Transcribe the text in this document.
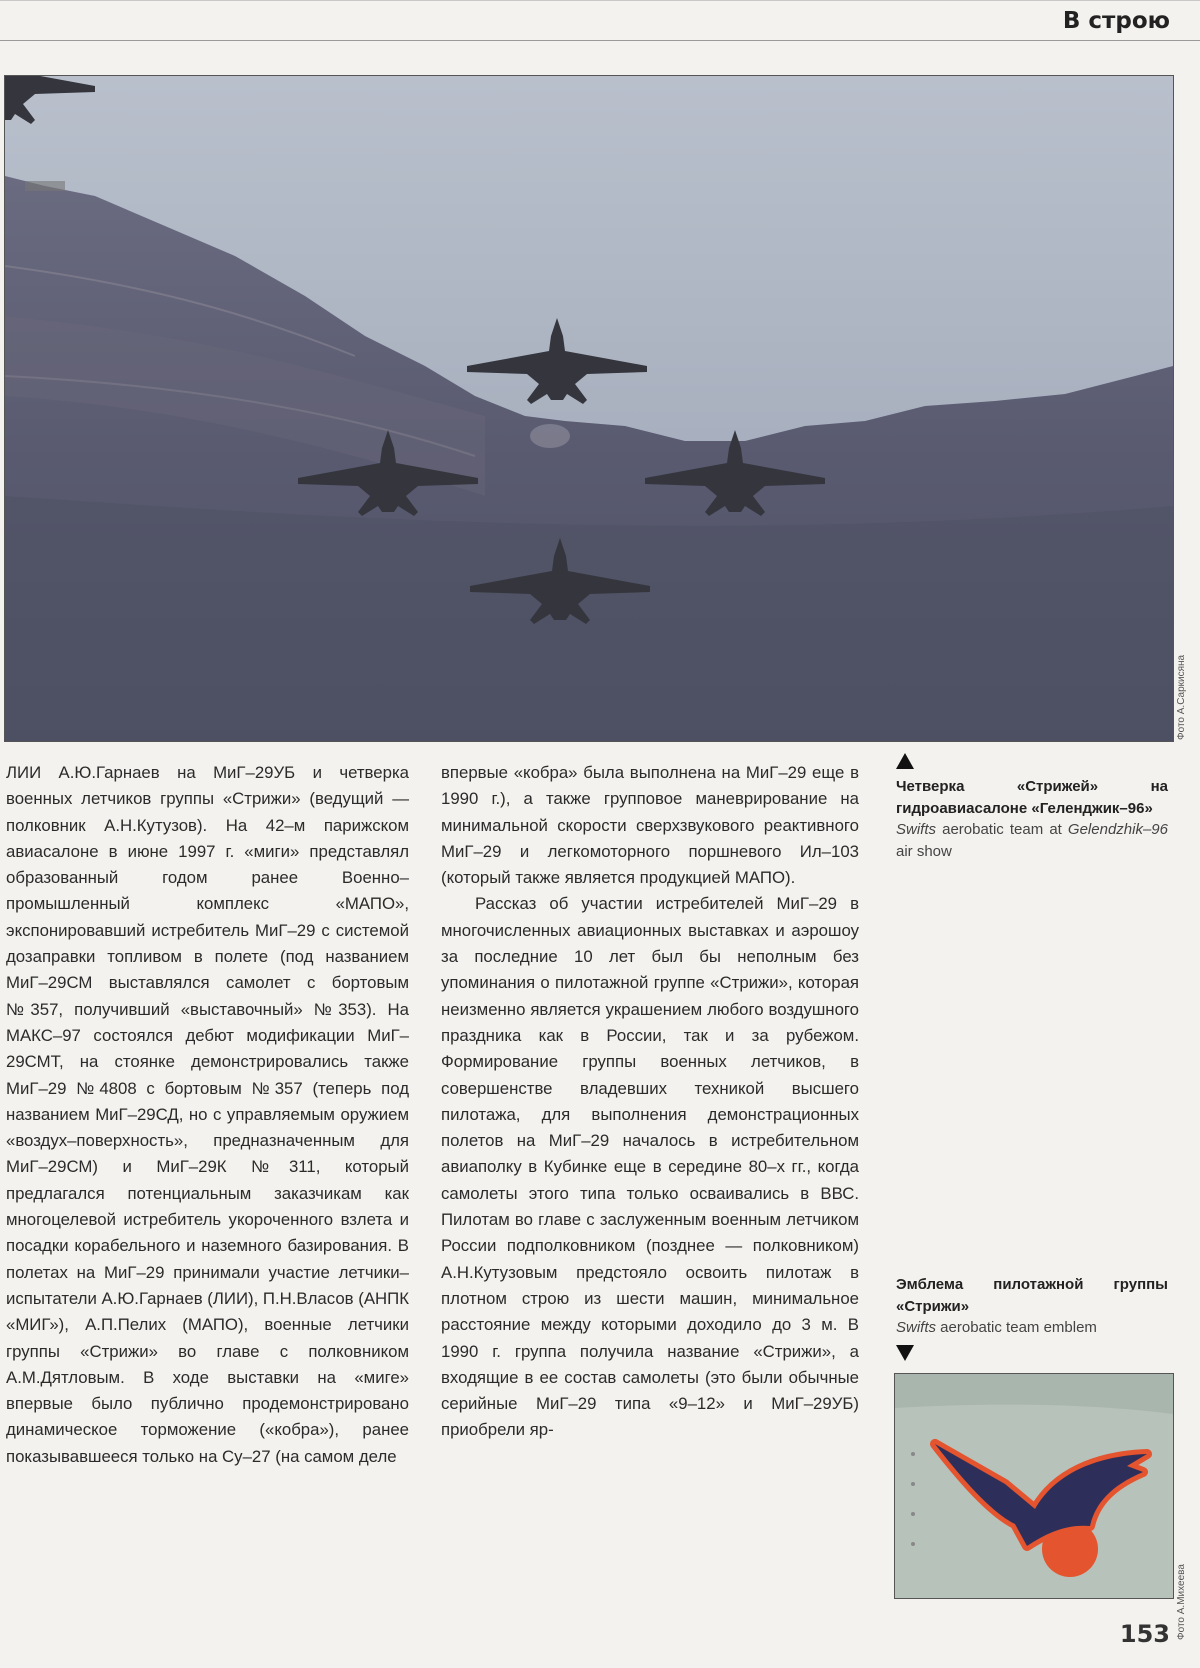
В строю
Фото А.Саркисяна

ЛИИ А.Ю.Гарнаев на МиГ–29УБ и четверка военных летчиков группы «Стрижи» (ведущий — полковник А.Н.Кутузов). На 42–м парижском авиасалоне в июне 1997 г. «миги» представлял образованный годом ранее Военно–промышленный комплекс «МАПО», экспонировавший истребитель МиГ–29 с системой дозаправки топливом в полете (под названием МиГ–29СМ выставлялся самолет с бортовым №357, получивший «выставочный» №353). На МАКС–97 состоялся дебют модификации МиГ–29СМТ, на стоянке демонстрировались также МиГ–29 №4808 с бортовым №357 (теперь под названием МиГ–29СД, но с управляемым оружием «воздух–поверхность», предназначенным для МиГ–29СМ) и МиГ–29К №311, который предлагался потенциальным заказчикам как многоцелевой истребитель укороченного взлета и посадки корабельного и наземного базирования. В полетах на МиГ–29 принимали участие летчики–испытатели А.Ю.Гарнаев (ЛИИ), П.Н.Власов (АНПК «МИГ»), А.П.Пелих (МАПО), военные летчики группы «Стрижи» во главе с полковником А.М.Дятловым. В ходе выставки на «миге» впервые было публично продемонстрировано динамическое торможение («кобра»), ранее показывавшееся только на Су–27 (на самом деле

впервые «кобра» была выполнена на МиГ–29 еще в 1990 г.), а также групповое маневрирование на минимальной скорости сверхзвукового реактивного МиГ–29 и легкомоторного поршневого Ил–103 (который также является продукцией МАПО).

Рассказ об участии истребителей МиГ–29 в многочисленных авиационных выставках и аэрошоу за последние 10 лет был бы неполным без упоминания о пилотажной группе «Стрижи», которая неизменно является украшением любого воздушного праздника как в России, так и за рубежом. Формирование группы военных летчиков, в совершенстве владевших техникой высшего пилотажа, для выполнения демонстрационных полетов на МиГ–29 началось в истребительном авиаполку в Кубинке еще в середине 80–х гг., когда самолеты этого типа только осваивались в ВВС. Пилотам во главе с заслуженным военным летчиком России подполковником (позднее — полковником) А.Н.Кутузовым предстояло освоить пилотаж в плотном строю из шести машин, минимальное расстояние между которыми доходило до 3 м. В 1990 г. группа получила название «Стрижи», а входящие в ее состав самолеты (это были обычные серийные МиГ–29 типа «9–12» и МиГ–29УБ) приобрели яр-

Четверка «Стрижей» на гидроавиасалоне «Геленджик–96»
Swifts aerobatic team at Gelendzhik–96 air show
Эмблема пилотажной группы «Стрижи»
Swifts aerobatic team emblem
Фото А.Михеева
153
